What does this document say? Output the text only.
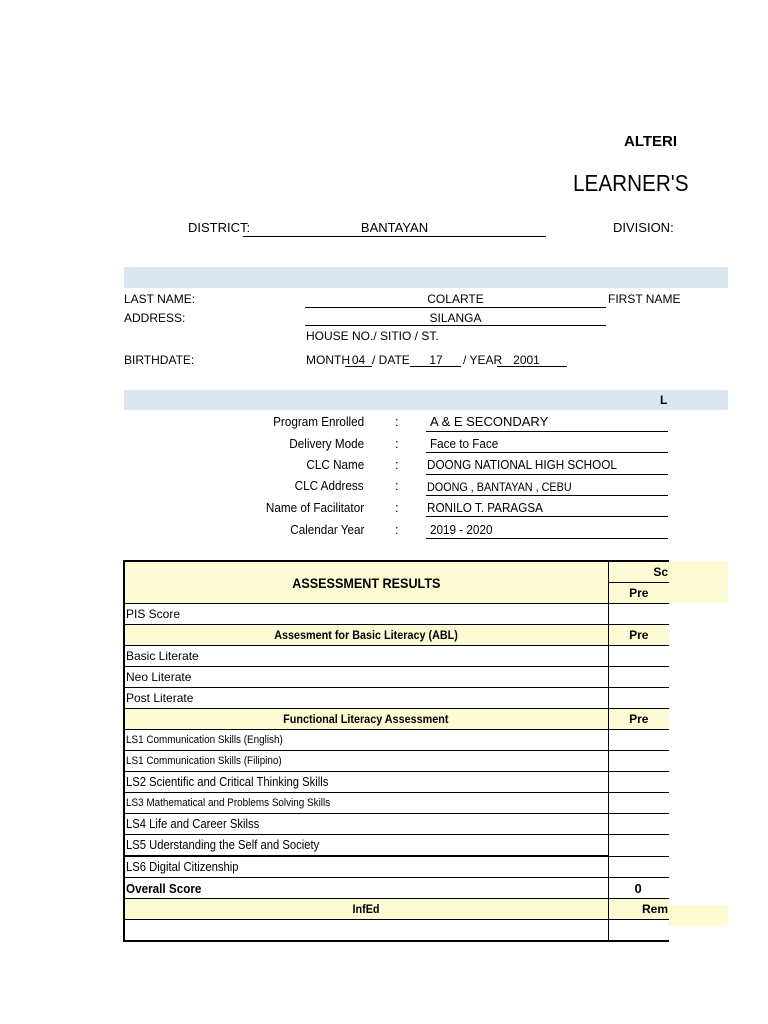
ALTERI
LEARNER'S
DISTRICT:	BANTAYAN	DIVISION:
LAST NAME:	COLARTE	FIRST NAME
ADDRESS:	SILANGA
HOUSE NO./ SITIO / ST.
BIRTHDATE:	MONTH 04 / DATE	17	/ YEAR 2001
L
Program Enrolled : A & E SECONDARY
Delivery Mode : Face to Face
CLC Name : DOONG NATIONAL HIGH SCHOOL
CLC Address : DOONG , BANTAYAN , CEBU
Name of Facilitator : RONILO T. PARAGSA
Calendar Year : 2019 - 2020
ASSESSMENT RESULTS	Sc
	Pre
PIS Score	
Assesment for Basic Literacy (ABL)	Pre
Basic Literate	
Neo Literate	
Post Literate	
Functional Literacy Assessment	Pre
LS1 Communication Skills (English)	
LS1 Communication Skills (Filipino)	
LS2 Scientific and Critical Thinking Skills	
LS3 Mathematical and Problems Solving Skills	
LS4 Life and Career Skilss	
LS5 Uderstanding the Self and Society	
LS6 Digital Citizenship	
Overall Score	0
InfEd	Rem
